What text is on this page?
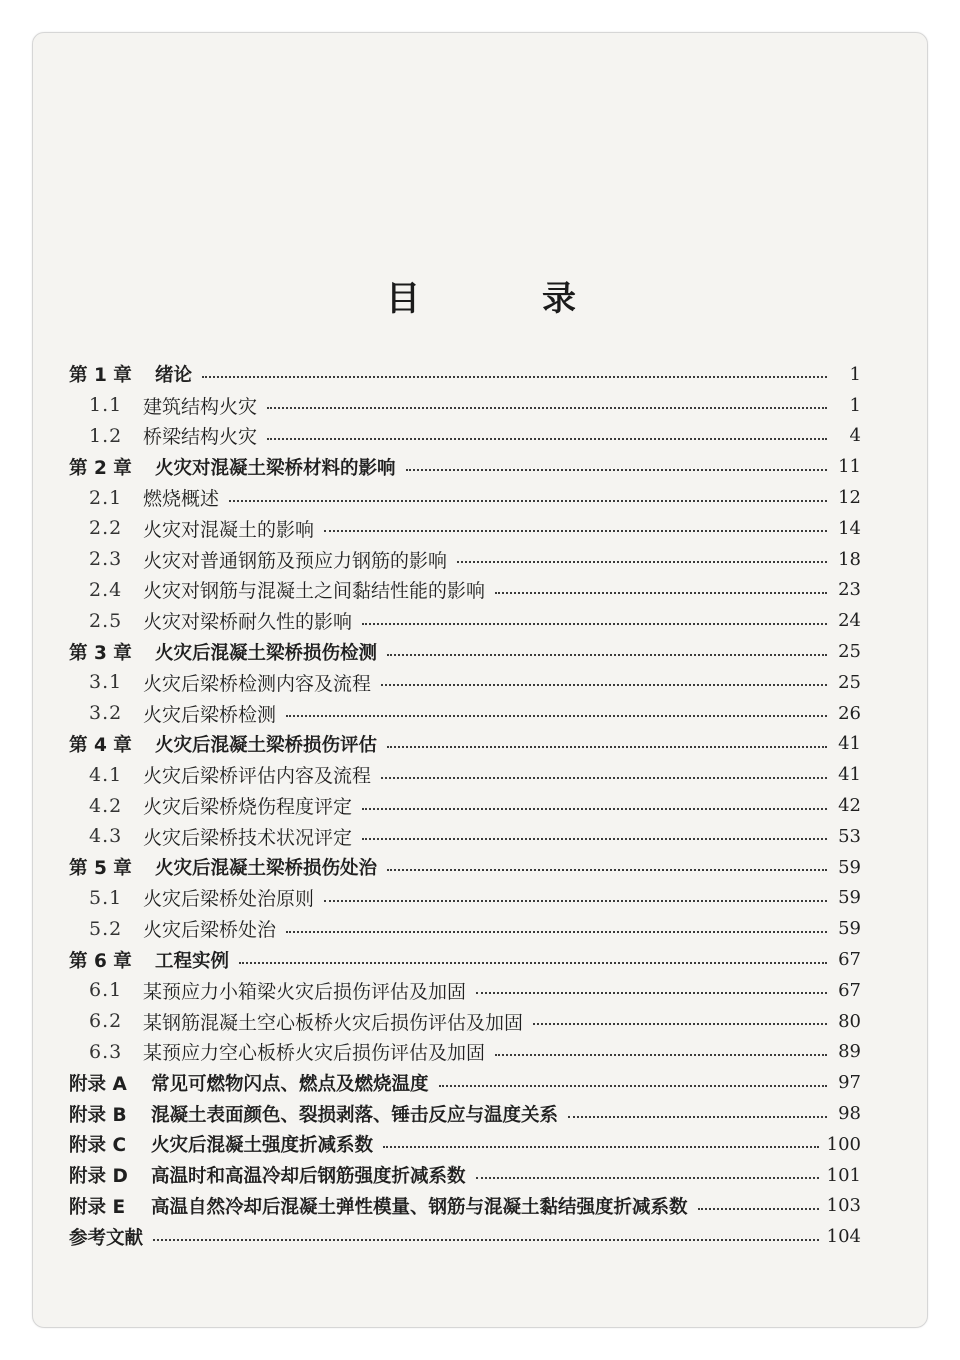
目　录
第 1 章	绪论	1
1.1	建筑结构火灾	1
1.2	桥梁结构火灾	4
第 2 章	火灾对混凝土梁桥材料的影响	11
2.1	燃烧概述	12
2.2	火灾对混凝土的影响	14
2.3	火灾对普通钢筋及预应力钢筋的影响	18
2.4	火灾对钢筋与混凝土之间黏结性能的影响	23
2.5	火灾对梁桥耐久性的影响	24
第 3 章	火灾后混凝土梁桥损伤检测	25
3.1	火灾后梁桥检测内容及流程	25
3.2	火灾后梁桥检测	26
第 4 章	火灾后混凝土梁桥损伤评估	41
4.1	火灾后梁桥评估内容及流程	41
4.2	火灾后梁桥烧伤程度评定	42
4.3	火灾后梁桥技术状况评定	53
第 5 章	火灾后混凝土梁桥损伤处治	59
5.1	火灾后梁桥处治原则	59
5.2	火灾后梁桥处治	59
第 6 章	工程实例	67
6.1	某预应力小箱梁火灾后损伤评估及加固	67
6.2	某钢筋混凝土空心板桥火灾后损伤评估及加固	80
6.3	某预应力空心板桥火灾后损伤评估及加固	89
附录 A	常见可燃物闪点、燃点及燃烧温度	97
附录 B	混凝土表面颜色、裂损剥落、锤击反应与温度关系	98
附录 C	火灾后混凝土强度折减系数	100
附录 D	高温时和高温冷却后钢筋强度折减系数	101
附录 E	高温自然冷却后混凝土弹性模量、钢筋与混凝土黏结强度折减系数	103
参考文献	104
